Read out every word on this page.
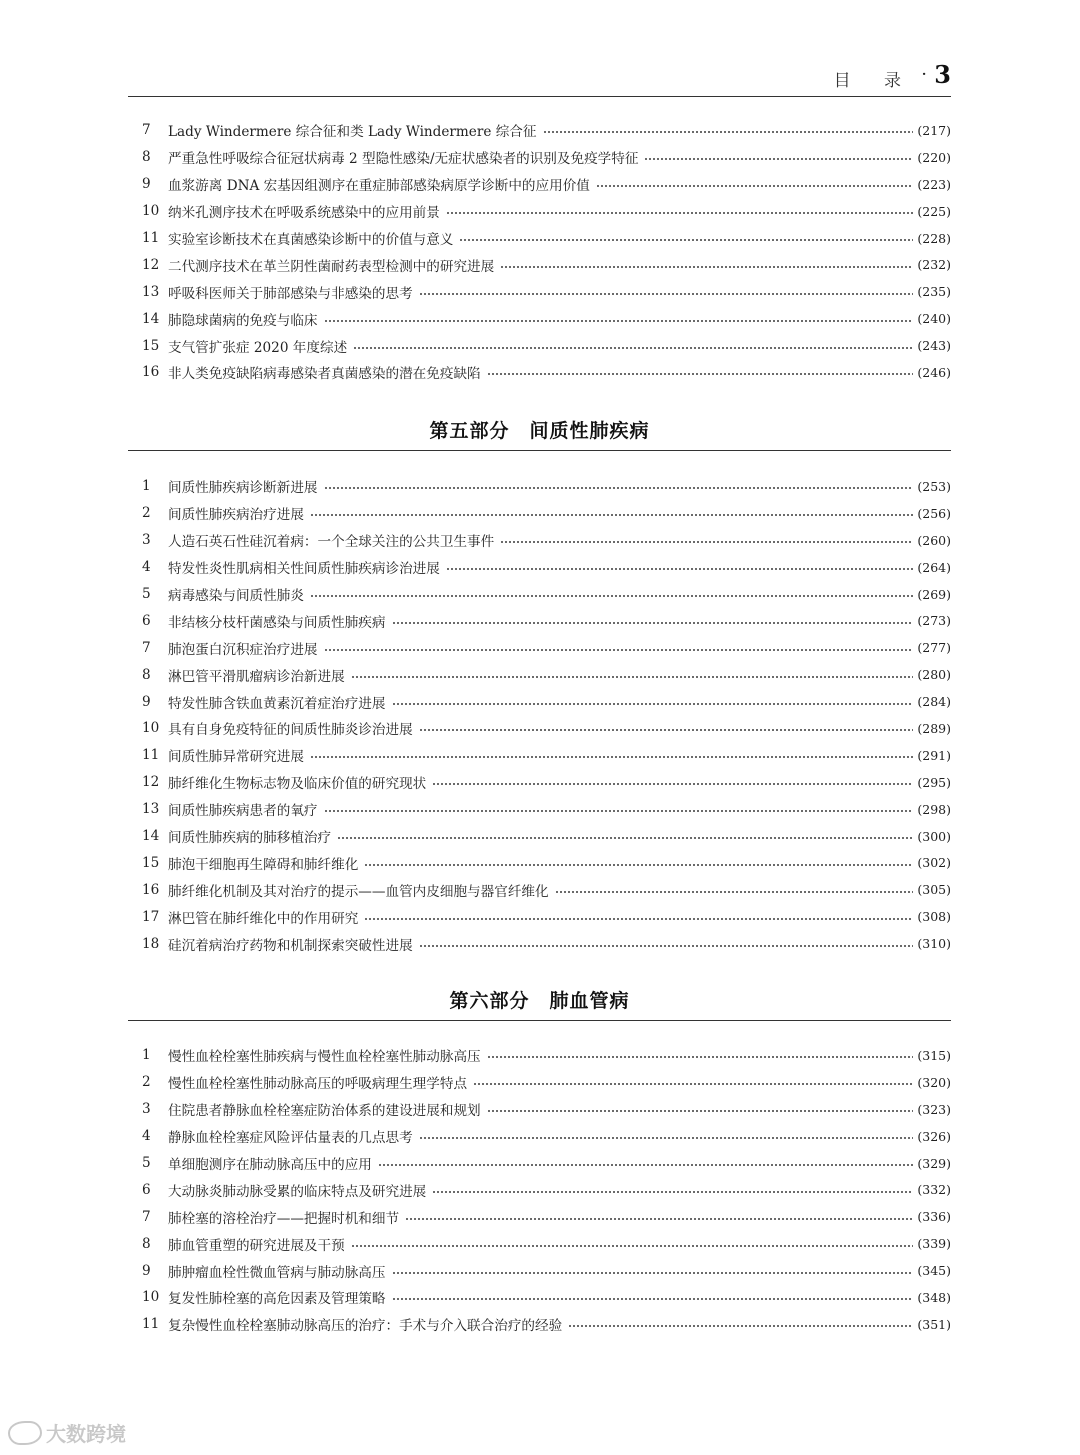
目 录 · 3
7	Lady Windermere 综合征和类 Lady Windermere 综合征	(217)
8	严重急性呼吸综合征冠状病毒 2 型隐性感染/无症状感染者的识别及免疫学特征	(220)
9	血浆游离 DNA 宏基因组测序在重症肺部感染病原学诊断中的应用价值	(223)
10 纳米孔测序技术在呼吸系统感染中的应用前景	(225)
11 实验室诊断技术在真菌感染诊断中的价值与意义	(228)
12 二代测序技术在革兰阴性菌耐药表型检测中的研究进展	(232)
13 呼吸科医师关于肺部感染与非感染的思考	(235)
14 肺隐球菌病的免疫与临床	(240)
15 支气管扩张症 2020 年度综述	(243)
16 非人类免疫缺陷病毒感染者真菌感染的潜在免疫缺陷	(246)
第五部分　间质性肺疾病
1	间质性肺疾病诊断新进展	(253)
2	间质性肺疾病治疗进展	(256)
3	人造石英石性硅沉着病：一个全球关注的公共卫生事件	(260)
4	特发性炎性肌病相关性间质性肺疾病诊治进展	(264)
5	病毒感染与间质性肺炎	(269)
6	非结核分枝杆菌感染与间质性肺疾病	(273)
7	肺泡蛋白沉积症治疗进展	(277)
8	淋巴管平滑肌瘤病诊治新进展	(280)
9	特发性肺含铁血黄素沉着症治疗进展	(284)
10 具有自身免疫特征的间质性肺炎诊治进展	(289)
11 间质性肺异常研究进展	(291)
12 肺纤维化生物标志物及临床价值的研究现状	(295)
13 间质性肺疾病患者的氧疗	(298)
14 间质性肺疾病的肺移植治疗	(300)
15 肺泡干细胞再生障碍和肺纤维化	(302)
16 肺纤维化机制及其对治疗的提示——血管内皮细胞与器官纤维化	(305)
17 淋巴管在肺纤维化中的作用研究	(308)
18 硅沉着病治疗药物和机制探索突破性进展	(310)
第六部分　肺血管病
1	慢性血栓栓塞性肺疾病与慢性血栓栓塞性肺动脉高压	(315)
2	慢性血栓栓塞性肺动脉高压的呼吸病理生理学特点	(320)
3	住院患者静脉血栓栓塞症防治体系的建设进展和规划	(323)
4	静脉血栓栓塞症风险评估量表的几点思考	(326)
5	单细胞测序在肺动脉高压中的应用	(329)
6	大动脉炎肺动脉受累的临床特点及研究进展	(332)
7	肺栓塞的溶栓治疗——把握时机和细节	(336)
8	肺血管重塑的研究进展及干预	(339)
9	肺肿瘤血栓性微血管病与肺动脉高压	(345)
10 复发性肺栓塞的高危因素及管理策略	(348)
11 复杂慢性血栓栓塞肺动脉高压的治疗：手术与介入联合治疗的经验	(351)
大数跨境
